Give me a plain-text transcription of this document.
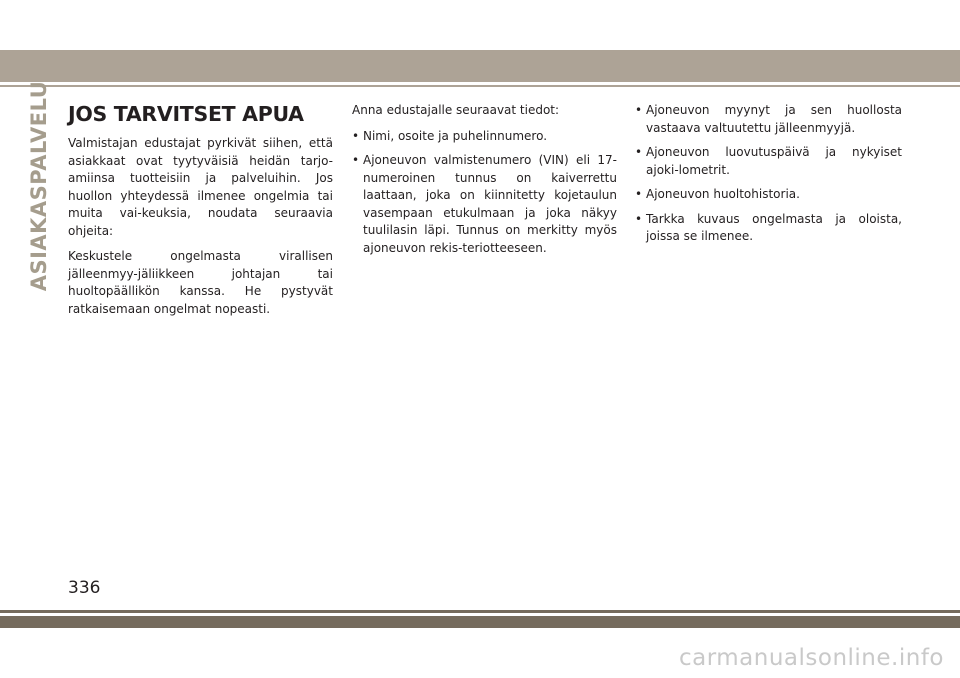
ASIAKASPALVELU JOS TARVITSET APUA

Valmistajan edustajat pyrkivät siihen, että asiakkaat ovat tyytyväisiä heidän tarjo-amiinsa tuotteisiin ja palveluihin. Jos huollon yhteydessä ilmenee ongelmia tai muita vai-keuksia, noudata seuraavia ohjeita:

Keskustele ongelmasta virallisen jälleenmyy-jäliikkeen johtajan tai huoltopäällikön kanssa. He pystyvät ratkaisemaan ongelmat nopeasti.

Anna edustajalle seuraavat tiedot:

• Nimi, osoite ja puhelinnumero.
• Ajoneuvon valmistenumero (VIN) eli 17-numeroinen tunnus on kaiverrettu laattaan, joka on kiinnitetty kojetaulun vasempaan etukulmaan ja joka näkyy tuulilasin läpi. Tunnus on merkitty myös ajoneuvon rekis-teriotteeseen.
• Ajoneuvon myynyt ja sen huollosta vastaava valtuutettu jälleenmyyjä.
• Ajoneuvon luovutuspäivä ja nykyiset ajoki-lometrit.
• Ajoneuvon huoltohistoria.
• Tarkka kuvaus ongelmasta ja oloista, joissa se ilmenee.
336
carmanualsonline.info
